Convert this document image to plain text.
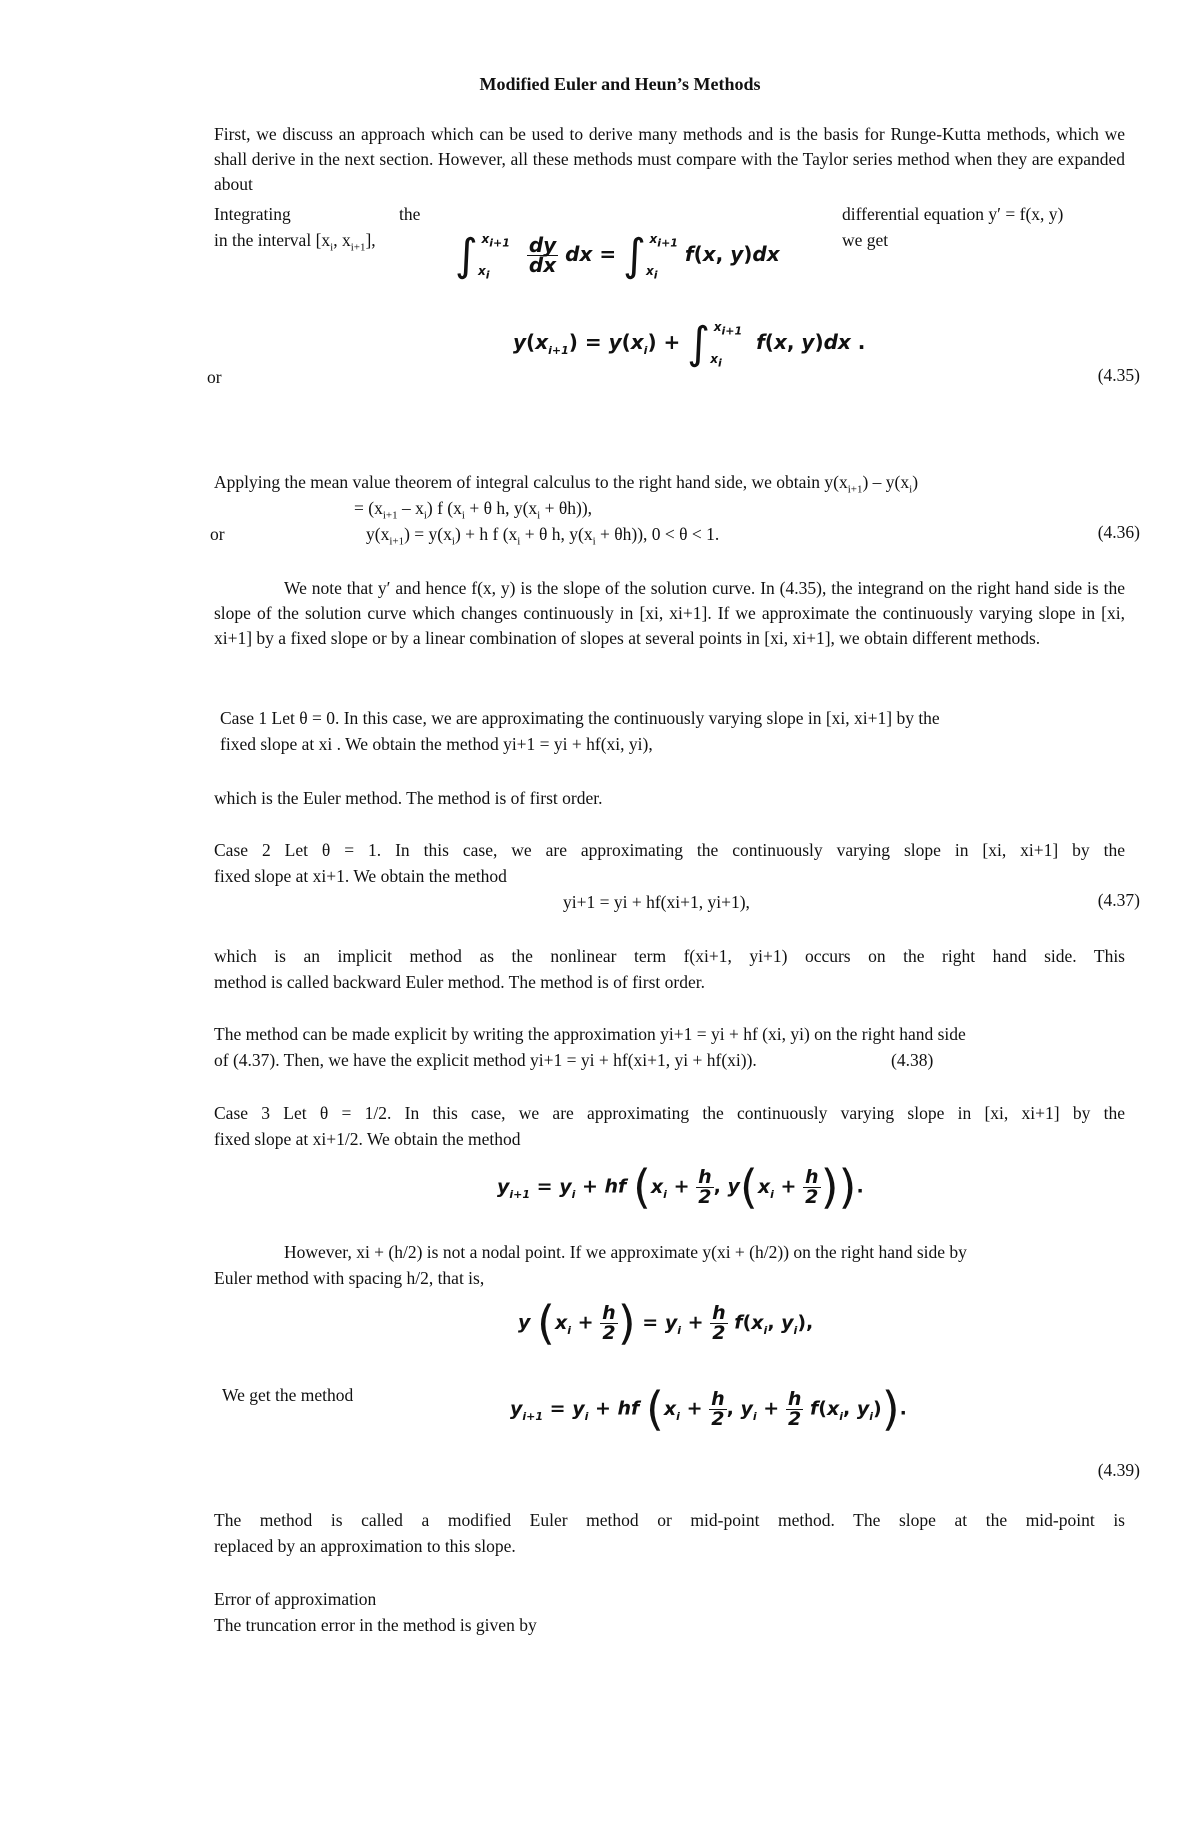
Modified Euler and Heun’s Methods
First, we discuss an approach which can be used to derive many methods and is the basis for Runge-Kutta methods, which we shall derive in the next section. However, all these methods must compare with the Taylor series method when they are expanded about
Integrating	the	differential equation y′ = f(x, y)
in the interval [$x_i$, $x_{i+1}$],	we get
$\int_{x_i}^{x_{i+1}} \frac{dy}{dx}$ dx = $\int_{x_i}^{x_{i+1}}$ f(x, y)dx
$y(x_{i+1}) = y(x_i) + \int_{x_i}^{x_{i+1}}$ f(x, y)dx .
or	(4.35)
Applying the mean value theorem of integral calculus to the right hand side, we obtain $y(x_{i+1}) - y(x_i)$
= $(x_{i+1} - x_i)$ f ($x_i + \theta$ h, $y(x_i + \theta h)$),
or	$y(x_{i+1}) = y(x_i) + h$ f ($x_i + \theta$ h, $y(x_i + \theta h)$), 0 < θ < 1.	(4.36)
We note that y′ and hence f(x, y) is the slope of the solution curve. In (4.35), the integrand on the right hand side is the slope of the solution curve which changes continuously in [xi, xi+1]. If we approximate the continuously varying slope in [xi, xi+1] by a fixed slope or by a linear combination of slopes at several points in [xi, xi+1], we obtain different methods.
Case 1 Let θ = 0. In this case, we are approximating the continuously varying slope in [xi, xi+1] by the
fixed slope at xi . We obtain the method yi+1 = yi + hf(xi, yi),
which is the Euler method. The method is of first order.
Case 2 Let θ = 1. In this case, we are approximating the continuously varying slope in [xi, xi+1] by the
fixed slope at xi+1. We obtain the method
yi+1 = yi + hf(xi+1, yi+1),	(4.37)
which is an implicit method as the nonlinear term f(xi+1, yi+1) occurs on the right hand side. This
method is called backward Euler method. The method is of first order.
The method can be made explicit by writing the approximation yi+1 = yi + hf (xi, yi) on the right hand side
of (4.37). Then, we have the explicit method yi+1 = yi + hf(xi+1, yi + hf(xi)).	(4.38)
Case 3 Let θ = 1/2. In this case, we are approximating the continuously varying slope in [xi, xi+1] by the
fixed slope at xi+1/2. We obtain the method
$y_{i+1} = y_i$ + hf ($x_i + \frac{h}{2}$ , $y(x_i + \frac{h}{2}$ )).
However, xi + (h/2) is not a nodal point. If we approximate y(xi + (h/2)) on the right hand side by
Euler method with spacing h/2, that is,
y ($x_i + \frac{h}{2}$ ) = $y_i + \frac{h}{2} f(x_i$, $y_i$),
We get the method
$y_{i+1} = y_i$ + hf ($x_i + \frac{h}{2}$ , $y_i + \frac{h}{2} f(x_i$, $y_i$)).
(4.39)
The method is called a modified Euler method or mid-point method. The slope at the mid-point is
replaced by an approximation to this slope.
Error of approximation
The truncation error in the method is given by
